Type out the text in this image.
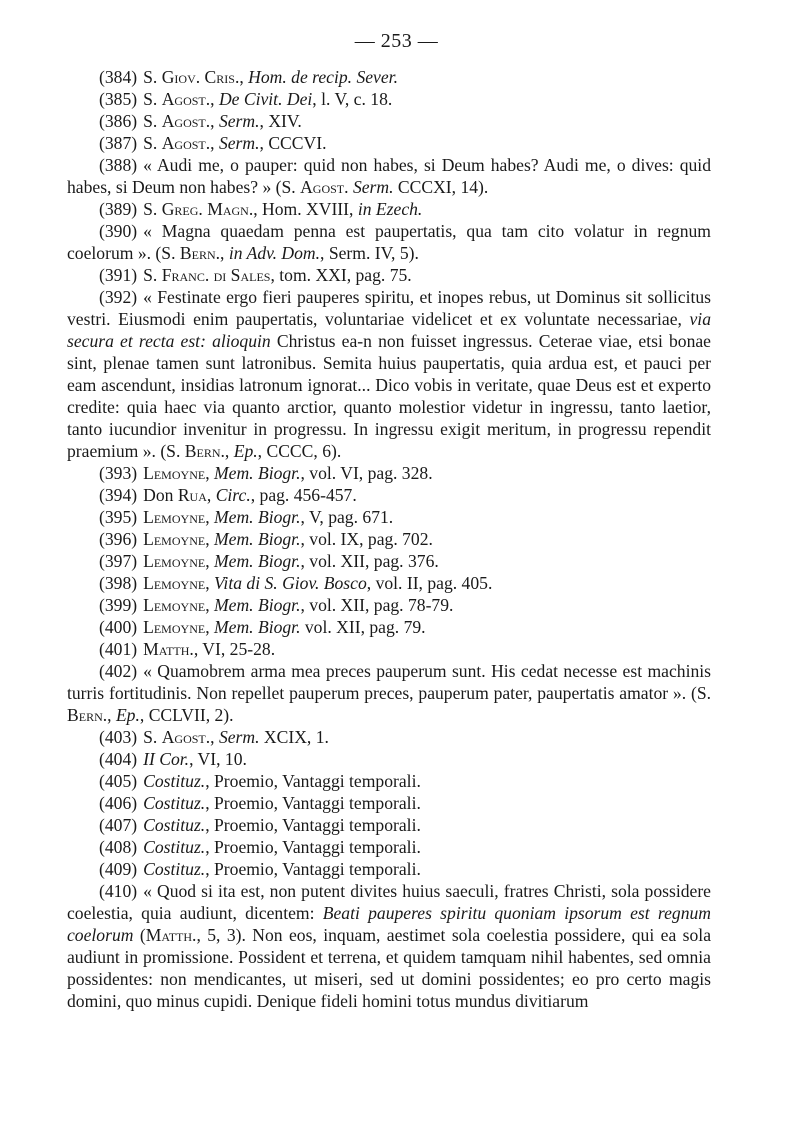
— 253 —

(384) S. Giov. Cris., Hom. de recip. Sever.

(385) S. Agost., De Civit. Dei, l. V, c. 18.

(386) S. Agost., Serm., XIV.

(387) S. Agost., Serm., CCCVI.

(388) « Audi me, o pauper: quid non habes, si Deum habes? Audi me, o dives: quid habes, si Deum non habes? » (S. Agost. Serm. CCCXI, 14).

(389) S. Greg. Magn., Hom. XVIII, in Ezech.

(390) « Magna quaedam penna est paupertatis, qua tam cito volatur in regnum coelorum ». (S. Bern., in Adv. Dom., Serm. IV, 5).

(391) S. Franc. di Sales, tom. XXI, pag. 75.

(392) « Festinate ergo fieri pauperes spiritu, et inopes rebus, ut Dominus sit sollicitus vestri. Eiusmodi enim paupertatis, voluntariae videlicet et ex voluntate necessariae, via secura et recta est: alioquin Christus ea-n non fuisset ingressus. Ceterae viae, etsi bonae sint, plenae tamen sunt latronibus. Semita huius paupertatis, quia ardua est, et pauci per eam ascendunt, insidias latronum ignorat... Dico vobis in veritate, quae Deus est et experto credite: quia haec via quanto arctior, quanto molestior videtur in ingressu, tanto laetior, tanto iucundior invenitur in progressu. In ingressu exigit meritum, in progressu rependit praemium ». (S. Bern., Ep., CCCC, 6).

(393) Lemoyne, Mem. Biogr., vol. VI, pag. 328.

(394) Don Rua, Circ., pag. 456-457.

(395) Lemoyne, Mem. Biogr., V, pag. 671.

(396) Lemoyne, Mem. Biogr., vol. IX, pag. 702.

(397) Lemoyne, Mem. Biogr., vol. XII, pag. 376.

(398) Lemoyne, Vita di S. Giov. Bosco, vol. II, pag. 405.

(399) Lemoyne, Mem. Biogr., vol. XII, pag. 78-79.

(400) Lemoyne, Mem. Biogr. vol. XII, pag. 79.

(401) Matth., VI, 25-28.

(402) « Quamobrem arma mea preces pauperum sunt. His cedat necesse est machinis turris fortitudinis. Non repellet pauperum preces, pauperum pater, paupertatis amator ». (S. Bern., Ep., CCLVII, 2).

(403) S. Agost., Serm. XCIX, 1.

(404) II Cor., VI, 10.

(405) Costituz., Proemio, Vantaggi temporali.

(406) Costituz., Proemio, Vantaggi temporali.

(407) Costituz., Proemio, Vantaggi temporali.

(408) Costituz., Proemio, Vantaggi temporali.

(409) Costituz., Proemio, Vantaggi temporali.

(410) « Quod si ita est, non putent divites huius saeculi, fratres Christi, sola possidere coelestia, quia audiunt, dicentem: Beati pauperes spiritu quoniam ipsorum est regnum coelorum (Matth., 5, 3). Non eos, inquam, aestimet sola coelestia possidere, qui ea sola audiunt in promissione. Possident et terrena, et quidem tamquam nihil habentes, sed omnia possidentes: non mendicantes, ut miseri, sed ut domini possidentes; eo pro certo magis domini, quo minus cupidi. Denique fideli homini totus mundus divitiarum
